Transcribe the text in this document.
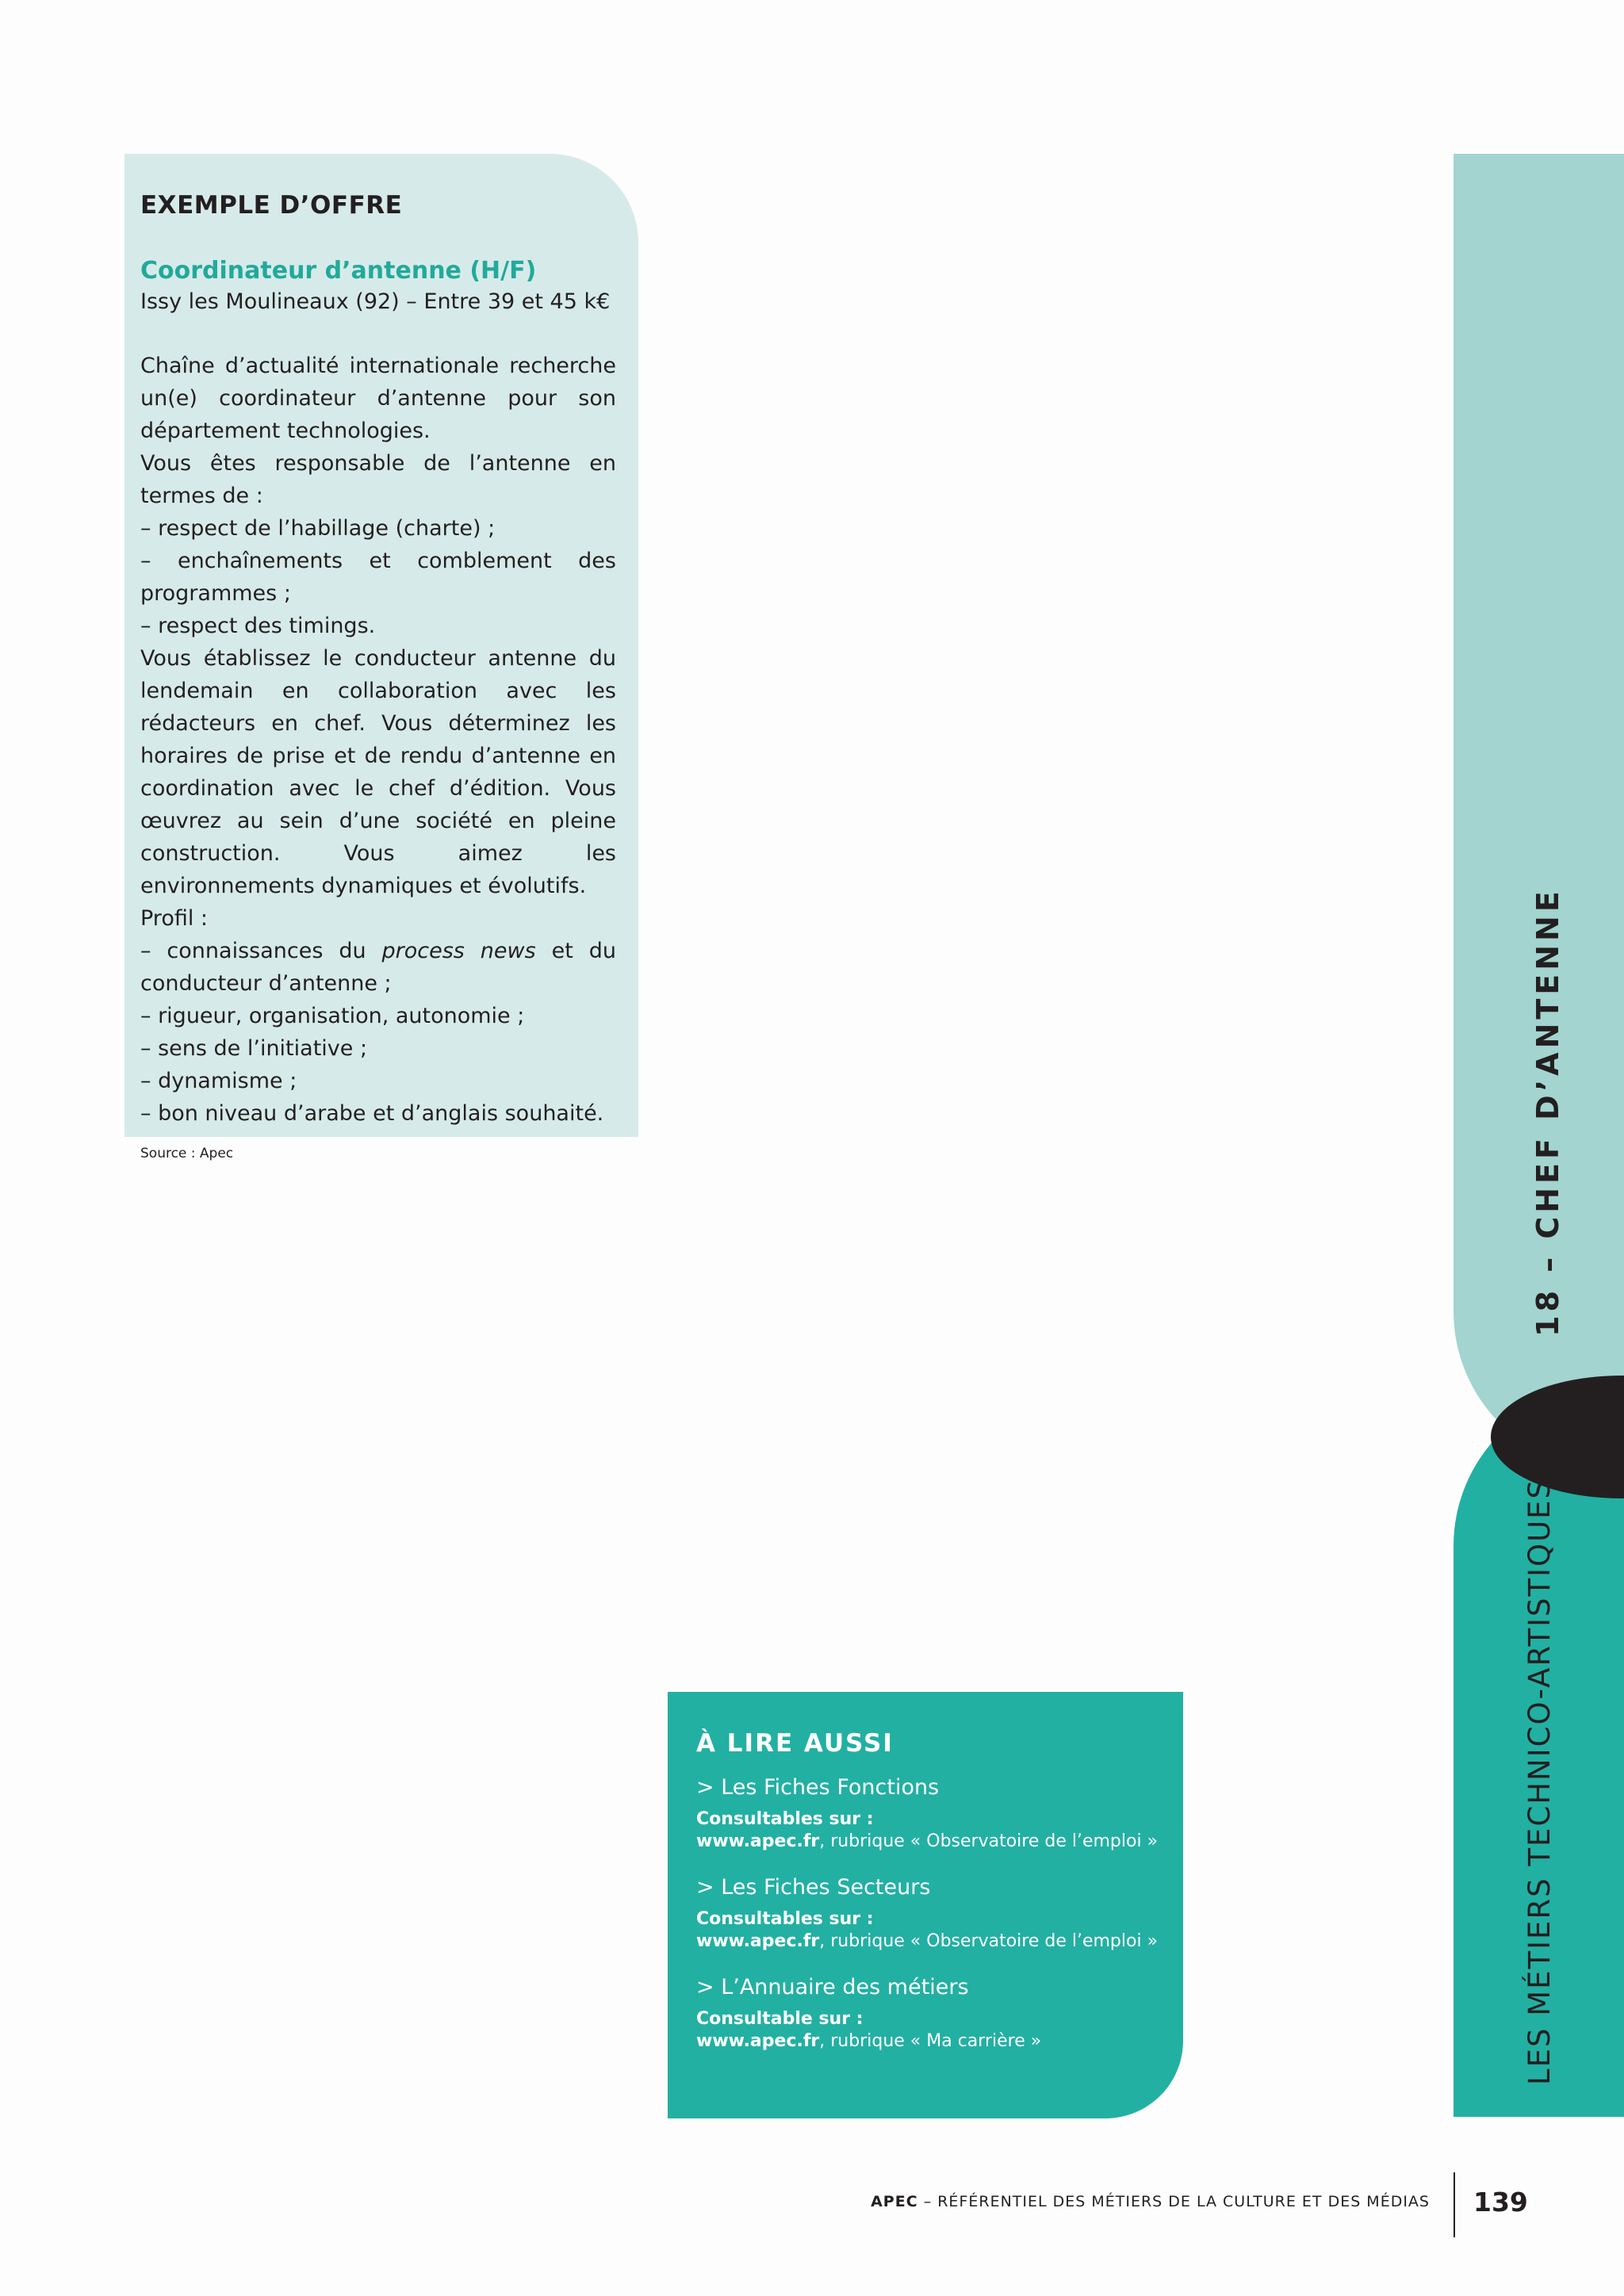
EXEMPLE D’OFFRE

Coordinateur d’antenne (H/F)

Issy les Moulineaux (92) – Entre 39 et 45 k€

Chaîne d’actualité internationale recherche un(e) coordinateur d’antenne pour son département technologies.

Vous êtes responsable de l’antenne en termes de :

– respect de l’habillage (charte) ;

– enchaînements et comblement des programmes ;

– respect des timings.

Vous établissez le conducteur antenne du lendemain en collaboration avec les rédacteurs en chef. Vous déterminez les horaires de prise et de rendu d’antenne en coordination avec le chef d’édition. Vous œuvrez au sein d’une société en pleine construction. Vous aimez les environnements dynamiques et évolutifs.

Profil :

– connaissances du process news et du conducteur d’antenne ;

– rigueur, organisation, autonomie ;

– sens de l’initiative ;

– dynamisme ;

– bon niveau d’arabe et d’anglais souhaité.

Source : Apec
À LIRE AUSSI

> Les Fiches Fonctions

Consultables sur :

www.apec.fr, rubrique « Observatoire de l’emploi »

> Les Fiches Secteurs

Consultables sur :

www.apec.fr, rubrique « Observatoire de l’emploi »

> L’Annuaire des métiers

Consultable sur :

www.apec.fr, rubrique « Ma carrière »

18 – CHEF D’ANTENNE
LES MÉTIERS TECHNICO-ARTISTIQUES
APEC – RÉFÉRENTIEL DES MÉTIERS DE LA CULTURE ET DES MÉDIAS 139
